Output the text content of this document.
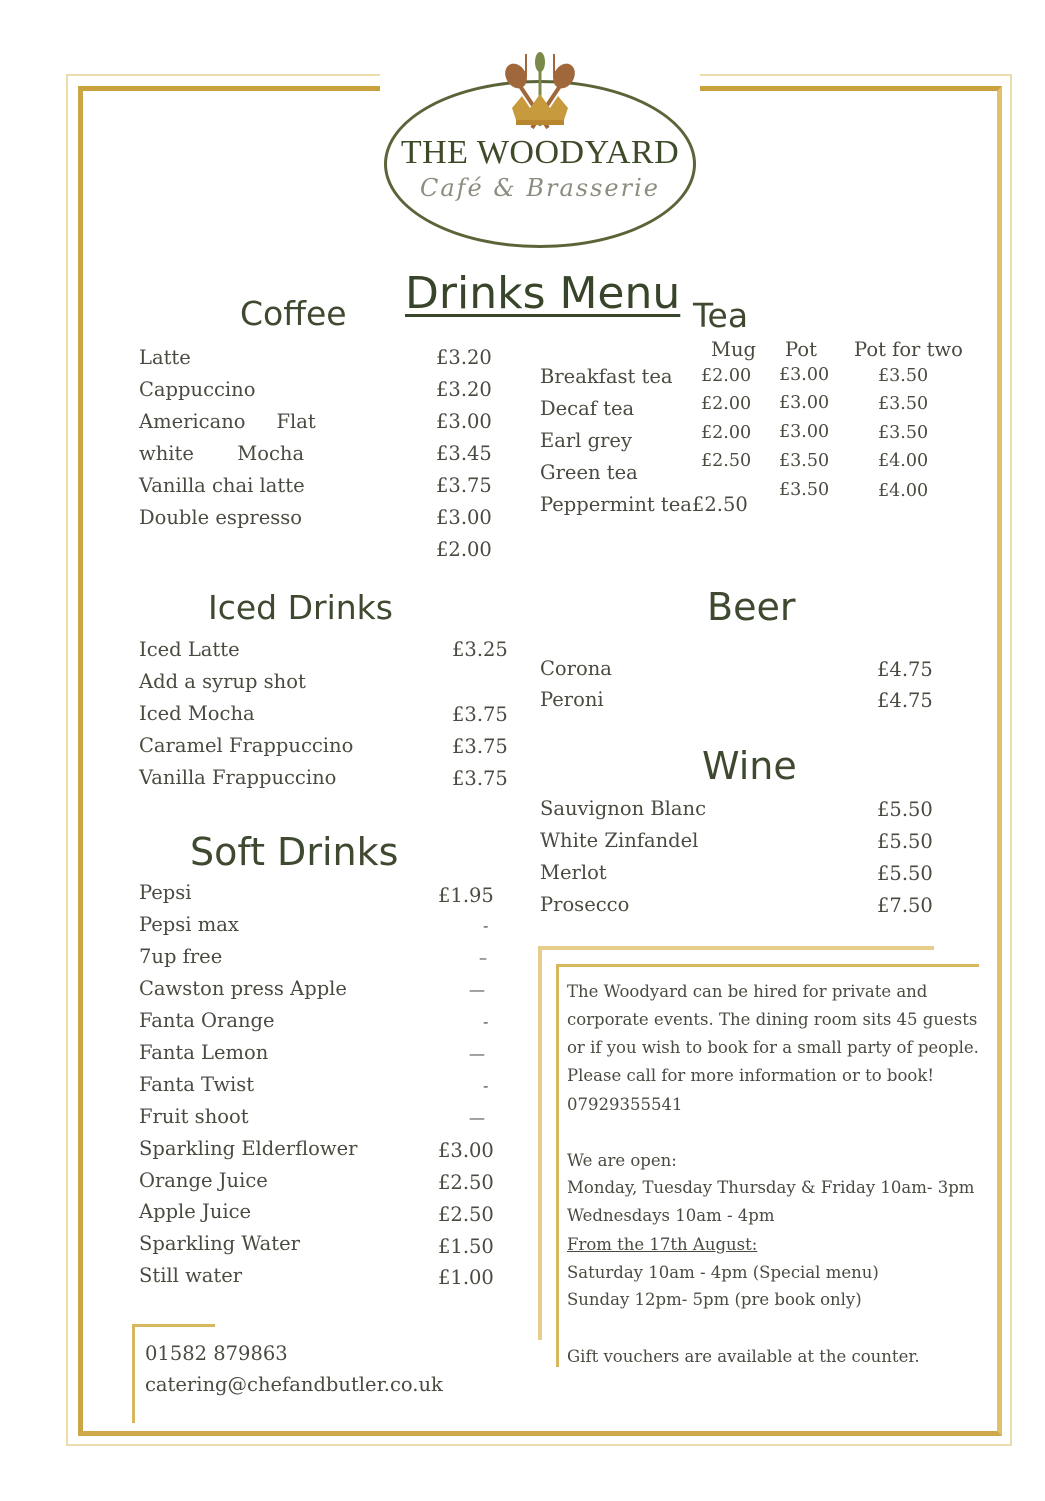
THE WOODYARD
Café & Brasserie
Drinks Menu
Coffee
Latte
Cappuccino
Americano     Flat
white       Mocha
Vanilla chai latte
Double espresso
£3.20
£3.20
£3.00
£3.45
£3.75
£3.00
£2.00
Tea
Mug Pot Pot for two
Breakfast tea
Decaf tea
Earl grey
Green tea
Peppermint tea£2.50
£2.00
£2.00
£2.00
£2.50
£3.00
£3.00
£3.00
£3.50
£3.50
£3.50
£3.50
£3.50
£4.00
£4.00
Iced Drinks
Iced Latte
Add a syrup shot
Iced Mocha
Caramel Frappuccino
Vanilla Frappuccino
£3.25
£3.75
£3.75
£3.75
Beer
Corona
Peroni
£4.75
£4.75
Wine
Sauvignon Blanc
White Zinfandel
Merlot
Prosecco
£5.50
£5.50
£5.50
£7.50
Soft Drinks
Pepsi
Pepsi max
7up free
Cawston press Apple
Fanta Orange
Fanta Lemon
Fanta Twist
Fruit shoot
Sparkling Elderflower
Orange Juice
Apple Juice
Sparkling Water
Still water
£1.95
-
–
—
-
—
-
—
£3.00
£2.50
£2.50
£1.50
£1.00
The Woodyard can be hired for private and
corporate events. The dining room sits 45 guests
or if you wish to book for a small party of people.
Please call for more information or to book!
07929355541
We are open:
Monday, Tuesday Thursday & Friday 10am- 3pm
Wednesdays 10am - 4pm
From the 17th August:
Saturday 10am - 4pm (Special menu)
Sunday 12pm- 5pm (pre book only)
Gift vouchers are available at the counter.
01582 879863
catering@chefandbutler.co.uk
